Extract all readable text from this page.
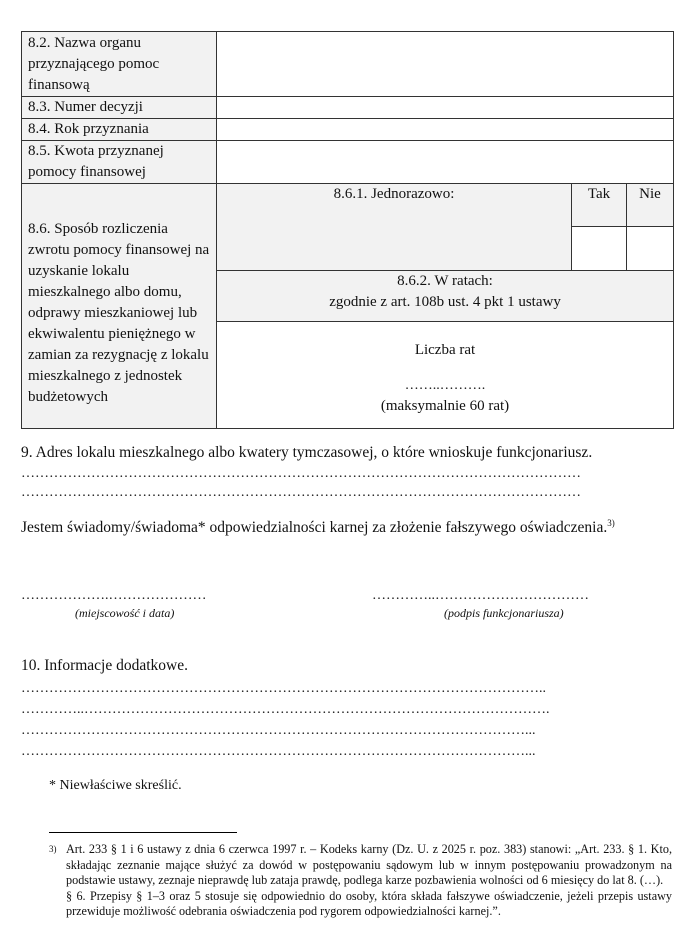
8.2. Nazwa organu przyznającego pomoc finansową			
8.3. Numer decyzji			
8.4. Rok przyznania			
8.5. Kwota przyznanej pomocy finansowej			
8.6. Sposób rozliczenia zwrotu pomocy finansowej na uzyskanie lokalu mieszkalnego albo domu, odprawy mieszkaniowej lub ekwiwalentu pieniężnego w zamian za rezygnację z lokalu mieszkalnego z jednostek budżetowych	8.6.1. Jednorazowo:	Tak	Nie

	8.6.2. W ratach:
zgodnie z art. 108b ust. 4 pkt 1 ustawy		

	Liczba rat
……..……….
(maksymalnie 60 rat)		
9. Adres lokalu mieszkalnego albo kwatery tymczasowej, o które wnioskuje funkcjonariusz.
…………………………………………………………………………………………………………
…………………………………………………………………………………………………………
Jestem świadomy/świadoma* odpowiedzialności karnej za złożenie fałszywego oświadczenia.$^{3)}$
……………….…………………
(miejscowość i data)
…………..……………………………
(podpis funkcjonariusza)
10. Informacje dodatkowe.
…………………………………………………………………………………………………..
…………..……………………………………………………………………………………….
………………………………………………………………………………………………...
………………………………………………………………………………………………...
* Niewłaściwe skreślić.
$^{3)}$ Art. 233 § 1 i 6 ustawy z dnia 6 czerwca 1997 r. – Kodeks karny (Dz. U. z 2025 r. poz. 383) stanowi: „Art. 233. § 1. Kto, składając zeznanie mające służyć za dowód w postępowaniu sądowym lub w innym postępowaniu prowadzonym na podstawie ustawy, zeznaje nieprawdę lub zataja prawdę, podlega karze pozbawienia wolności od 6 miesięcy do lat 8. (…).
§ 6. Przepisy § 1–3 oraz 5 stosuje się odpowiednio do osoby, która składa fałszywe oświadczenie, jeżeli przepis ustawy przewiduje możliwość odebrania oświadczenia pod rygorem odpowiedzialności karnej.”.
